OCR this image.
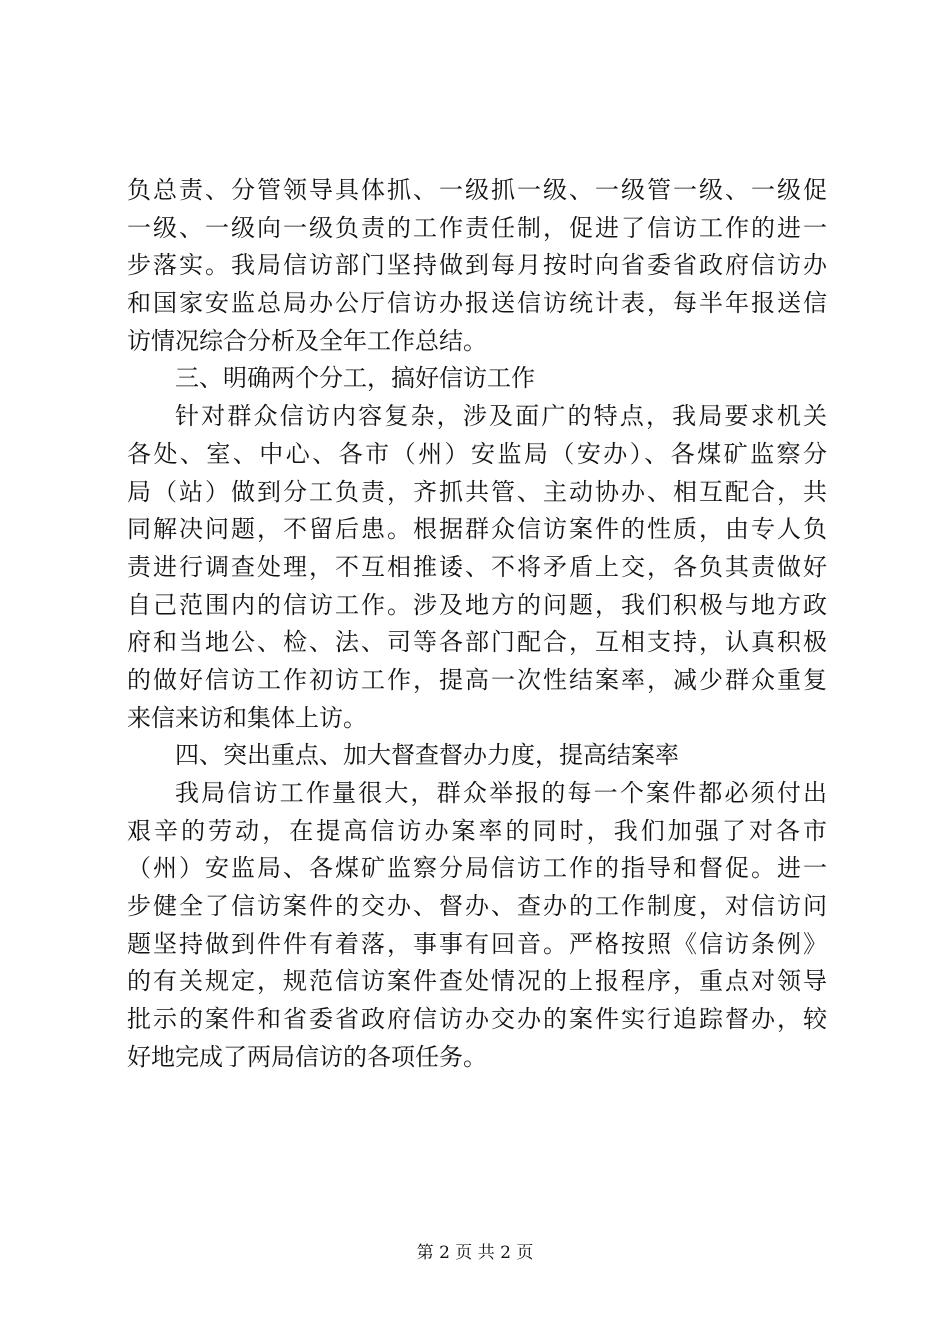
负总责、分管领导具体抓、一级抓一级、一级管一级、一级促
一级、一级向一级负责的工作责任制，促进了信访工作的进一
步落实。我局信访部门坚持做到每月按时向省委省政府信访办
和国家安监总局办公厅信访办报送信访统计表，每半年报送信
访情况综合分析及全年工作总结。
三、明确两个分工，搞好信访工作
针对群众信访内容复杂，涉及面广的特点，我局要求机关
各处、室、中心、各市（州）安监局（安办）、各煤矿监察分
局（站）做到分工负责，齐抓共管、主动协办、相互配合，共
同解决问题，不留后患。根据群众信访案件的性质，由专人负
责进行调查处理，不互相推诿、不将矛盾上交，各负其责做好
自己范围内的信访工作。涉及地方的问题，我们积极与地方政
府和当地公、检、法、司等各部门配合，互相支持，认真积极
的做好信访工作初访工作，提高一次性结案率，减少群众重复
来信来访和集体上访。
四、突出重点、加大督查督办力度，提高结案率
我局信访工作量很大，群众举报的每一个案件都必须付出
艰辛的劳动，在提高信访办案率的同时，我们加强了对各市
（州）安监局、各煤矿监察分局信访工作的指导和督促。进一
步健全了信访案件的交办、督办、查办的工作制度，对信访问
题坚持做到件件有着落，事事有回音。严格按照《信访条例》
的有关规定，规范信访案件查处情况的上报程序，重点对领导
批示的案件和省委省政府信访办交办的案件实行追踪督办，较
好地完成了两局信访的各项任务。
第 2 页 共 2 页
